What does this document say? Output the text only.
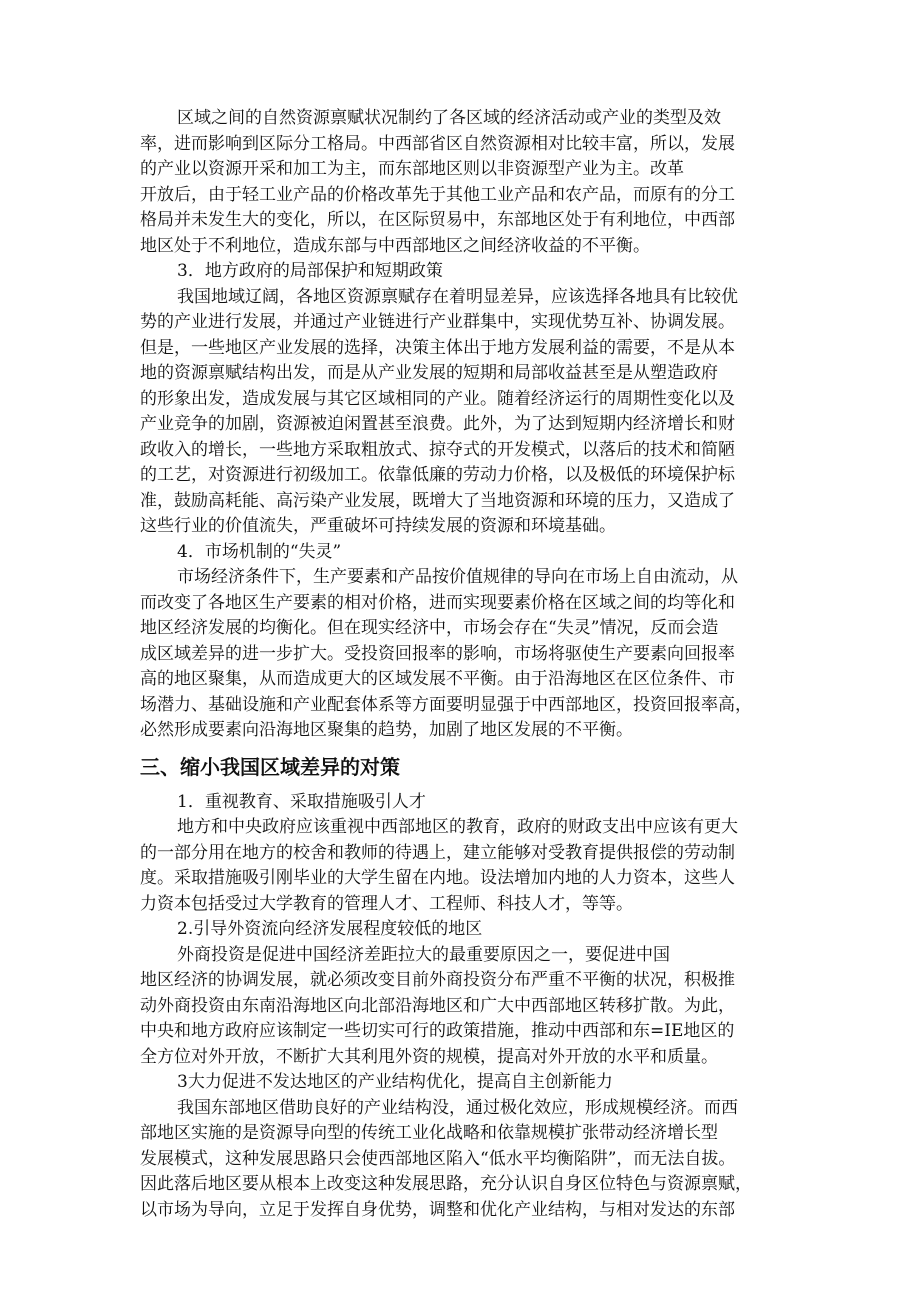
区域之间的自然资源禀赋状况制约了各区域的经济活动或产业的类型及效
率，进而影响到区际分工格局。中西部省区自然资源相对比较丰富，所以，发展
的产业以资源开采和加工为主，而东部地区则以非资源型产业为主。改革
开放后，由于轻工业产品的价格改革先于其他工业产品和农产品，而原有的分工
格局并未发生大的变化，所以，在区际贸易中，东部地区处于有利地位，中西部
地区处于不利地位，造成东部与中西部地区之间经济收益的不平衡。
3．地方政府的局部保护和短期政策
我国地域辽阔，各地区资源禀赋存在着明显差异，应该选择各地具有比较优
势的产业进行发展，并通过产业链进行产业群集中，实现优势互补、协调发展。
但是，一些地区产业发展的选择，决策主体出于地方发展利益的需要，不是从本
地的资源禀赋结构出发，而是从产业发展的短期和局部收益甚至是从塑造政府
的形象出发，造成发展与其它区域相同的产业。随着经济运行的周期性变化以及
产业竞争的加剧，资源被迫闲置甚至浪费。此外，为了达到短期内经济增长和财
政收入的增长，一些地方采取粗放式、掠夺式的开发模式，以落后的技术和简陋
的工艺，对资源进行初级加工。依靠低廉的劳动力价格，以及极低的环境保护标
准，鼓励高耗能、高污染产业发展，既增大了当地资源和环境的压力，又造成了
这些行业的价值流失，严重破坏可持续发展的资源和环境基础。
4．市场机制的“失灵”
市场经济条件下，生产要素和产品按价值规律的导向在市场上自由流动，从
而改变了各地区生产要素的相对价格，进而实现要素价格在区域之间的均等化和
地区经济发展的均衡化。但在现实经济中，市场会存在“失灵”情况，反而会造
成区域差异的进一步扩大。受投资回报率的影响，市场将驱使生产要素向回报率
高的地区聚集，从而造成更大的区域发展不平衡。由于沿海地区在区位条件、市
场潜力、基础设施和产业配套体系等方面要明显强于中西部地区，投资回报率高，
必然形成要素向沿海地区聚集的趋势，加剧了地区发展的不平衡。
三、缩小我国区域差异的对策
1．重视教育、采取措施吸引人才
地方和中央政府应该重视中西部地区的教育，政府的财政支出中应该有更大
的一部分用在地方的校舍和教师的待遇上，建立能够对受教育提供报偿的劳动制
度。采取措施吸引刚毕业的大学生留在内地。设法增加内地的人力资本，这些人
力资本包括受过大学教育的管理人才、工程师、科技人才，等等。
2.引导外资流向经济发展程度较低的地区
外商投资是促进中国经济差距拉大的最重要原因之一，要促进中国
地区经济的协调发展，就必须改变目前外商投资分布严重不平衡的状况，积极推
动外商投资由东南沿海地区向北部沿海地区和广大中西部地区转移扩散。为此，
中央和地方政府应该制定一些切实可行的政策措施，推动中西部和东=IE地区的
全方位对外开放，不断扩大其利甩外资的规模，提高对外开放的水平和质量。
3大力促进不发达地区的产业结构优化，提高自主创新能力
我国东部地区借助良好的产业结构没，通过极化效应，形成规模经济。而西
部地区实施的是资源导向型的传统工业化战略和依靠规模扩张带动经济增长型
发展模式，这种发展思路只会使西部地区陷入“低水平均衡陷阱”，而无法自拔。
因此落后地区要从根本上改变这种发展思路，充分认识自身区位特色与资源禀赋，
以市场为导向，立足于发挥自身优势，调整和优化产业结构，与相对发达的东部
